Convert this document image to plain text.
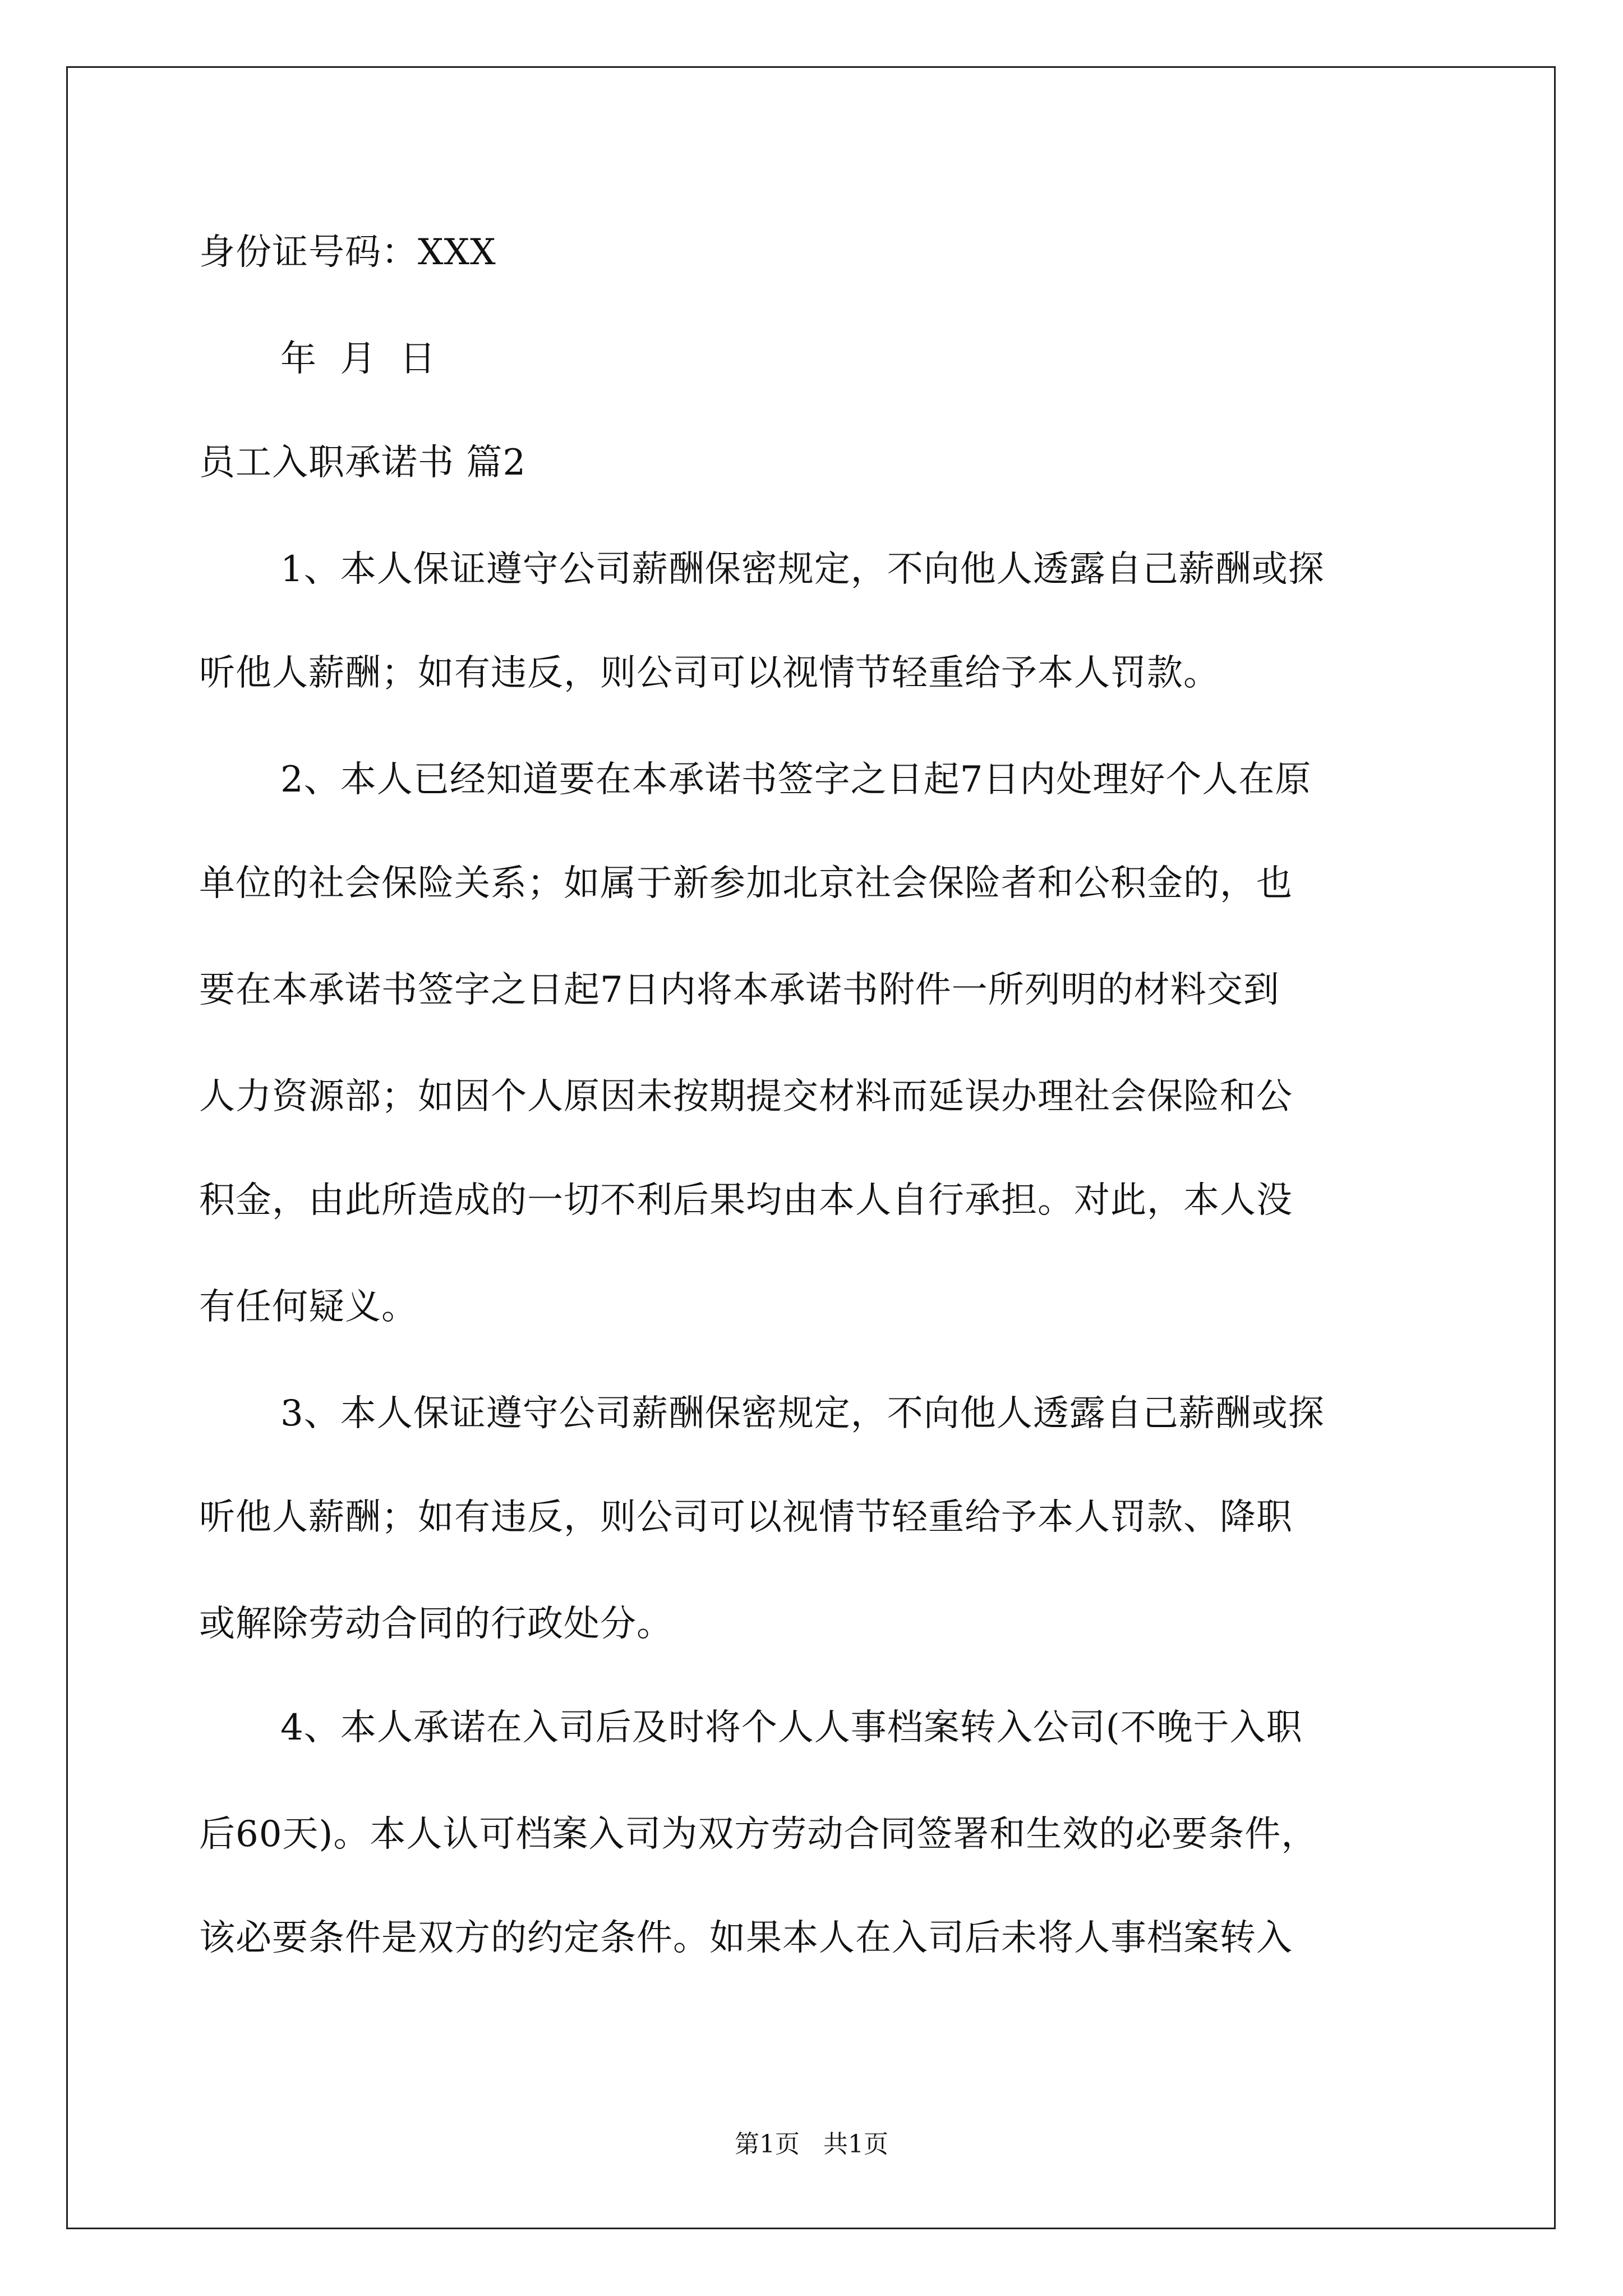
身份证号码：XXX
年 月 日
员工入职承诺书 篇2
1、本人保证遵守公司薪酬保密规定，不向他人透露自己薪酬或探
听他人薪酬；如有违反，则公司可以视情节轻重给予本人罚款。
2、本人已经知道要在本承诺书签字之日起7日内处理好个人在原
单位的社会保险关系；如属于新参加北京社会保险者和公积金的，也
要在本承诺书签字之日起7日内将本承诺书附件一所列明的材料交到
人力资源部；如因个人原因未按期提交材料而延误办理社会保险和公
积金，由此所造成的一切不利后果均由本人自行承担。对此，本人没
有任何疑义。
3、本人保证遵守公司薪酬保密规定，不向他人透露自己薪酬或探
听他人薪酬；如有违反，则公司可以视情节轻重给予本人罚款、降职
或解除劳动合同的行政处分。
4、本人承诺在入司后及时将个人人事档案转入公司(不晚于入职
后60天)。本人认可档案入司为双方劳动合同签署和生效的必要条件，
该必要条件是双方的约定条件。如果本人在入司后未将人事档案转入
第1页   共1页
